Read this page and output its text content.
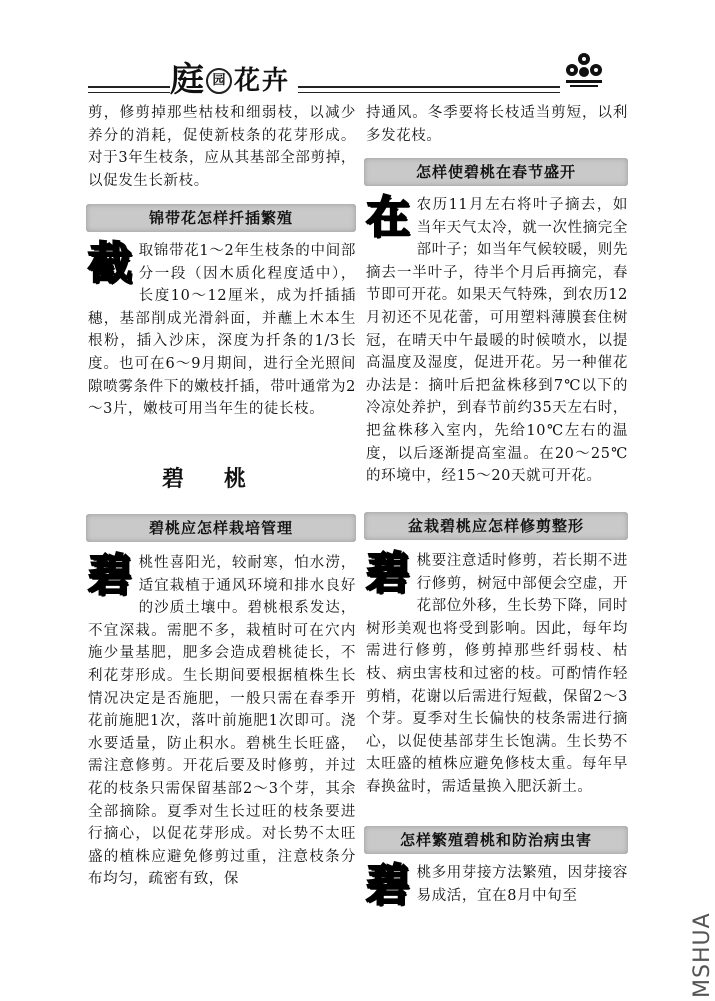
庭 园 花卉

剪，修剪掉那些枯枝和细弱枝，以减少养分的消耗，促使新枝条的花芽形成。对于3年生枝条，应从其基部全部剪掉，以促发生长新枝。

锦带花怎样扦插繁殖
截 取锦带花1～2年生枝条的中间部分一段（因木质化程度适中），长度10～12厘米，成为扦插插穗，基部削成光滑斜面，并蘸上木本生根粉，插入沙床，深度为扦条的1/3长度。也可在6～9月期间，进行全光照间隙喷雾条件下的嫩枝扦插，带叶通常为2～3片，嫩枝可用当年生的徒长枝。

碧桃
碧桃应怎样栽培管理
碧 桃性喜阳光，较耐寒，怕水涝，适宜栽植于通风环境和排水良好的沙质土壤中。碧桃根系发达，不宜深栽。需肥不多，栽植时可在穴内施少量基肥，肥多会造成碧桃徒长，不利花芽形成。生长期间要根据植株生长情况决定是否施肥，一般只需在春季开花前施肥1次，落叶前施肥1次即可。浇水要适量，防止积水。碧桃生长旺盛，需注意修剪。开花后要及时修剪，并过花的枝条只需保留基部2～3个芽，其余全部摘除。夏季对生长过旺的枝条要进行摘心，以促花芽形成。对长势不太旺盛的植株应避免修剪过重，注意枝条分布均匀，疏密有致，保

持通风。冬季要将长枝适当剪短，以利多发花枝。

怎样使碧桃在春节盛开
在 农历11月左右将叶子摘去，如当年天气太冷，就一次性摘完全部叶子；如当年气候较暖，则先摘去一半叶子，待半个月后再摘完，春节即可开花。如果天气特殊，到农历12月初还不见花蕾，可用塑料薄膜套住树冠，在晴天中午最暖的时候喷水，以提高温度及湿度，促进开花。另一种催花办法是：摘叶后把盆株移到7℃以下的冷凉处养护，到春节前约35天左右时，把盆株移入室内，先给10℃左右的温度，以后逐渐提高室温。在20～25℃的环境中，经15～20天就可开花。

盆栽碧桃应怎样修剪整形
碧 桃要注意适时修剪，若长期不进行修剪，树冠中部便会空虚，开花部位外移，生长势下降，同时树形美观也将受到影响。因此，每年均需进行修剪，修剪掉那些纤弱枝、枯枝、病虫害枝和过密的枝。可酌情作轻剪梢，花谢以后需进行短截，保留2～3个芽。夏季对生长偏快的枝条需进行摘心，以促使基部芽生长饱满。生长势不太旺盛的植株应避免修枝太重。每年早春换盆时，需适量换入肥沃新土。

怎样繁殖碧桃和防治病虫害
碧 桃多用芽接方法繁殖，因芽接容易成活，宜在8月中旬至

MSHUA
